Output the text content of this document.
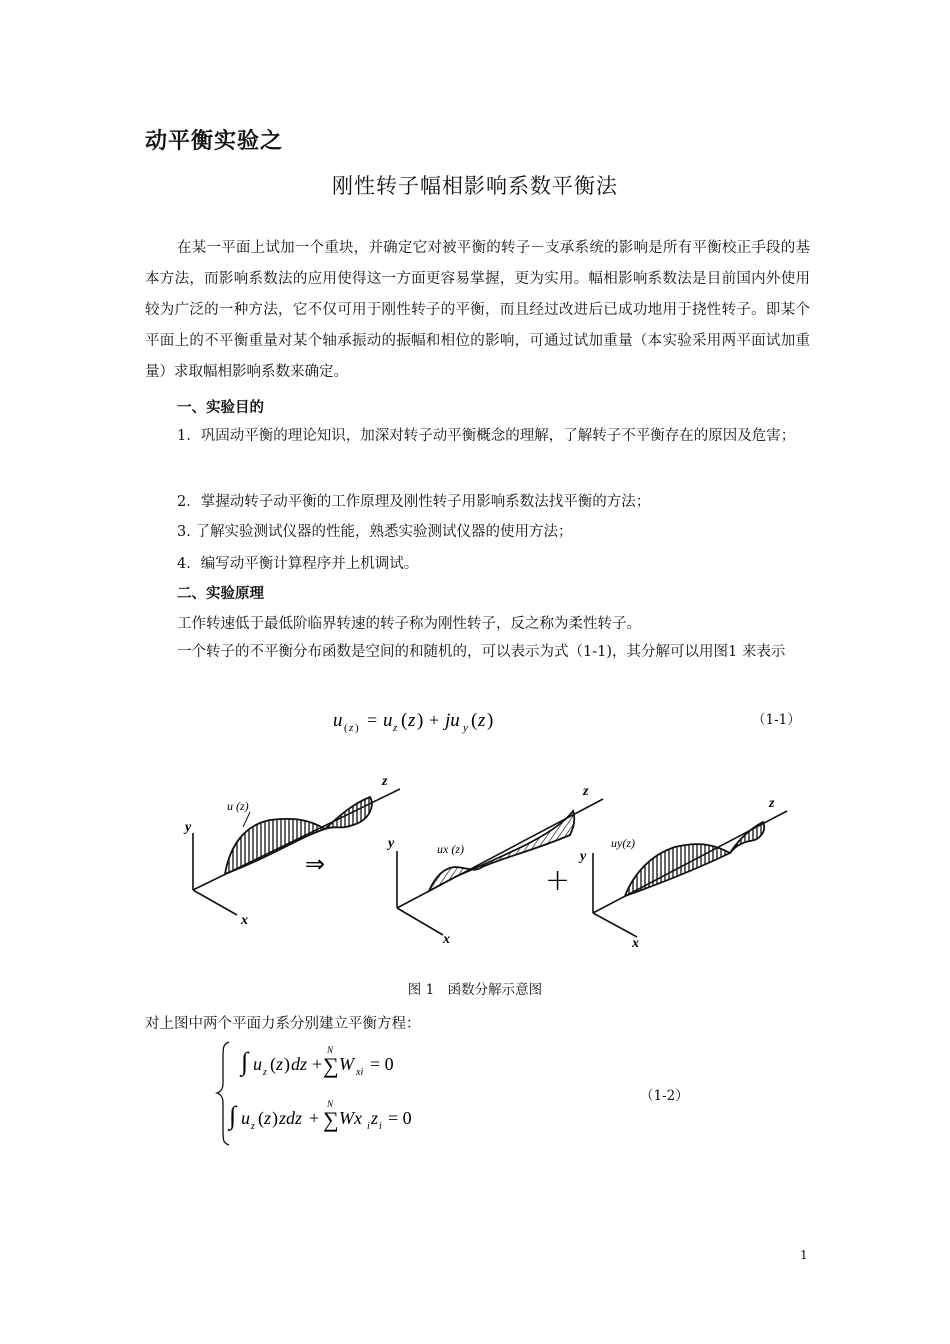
动平衡实验之
刚性转子幅相影响系数平衡法
在某一平面上试加一个重块，并确定它对被平衡的转子－支承系统的影响是所有平衡校正手段的基本方法，而影响系数法的应用使得这一方面更容易掌握，更为实用。幅相影响系数法是目前国内外使用较为广泛的一种方法，它不仅可用于刚性转子的平衡，而且经过改进后已成功地用于挠性转子。即某个平面上的不平衡重量对某个轴承振动的振幅和相位的影响，可通过试加重量（本实验采用两平面试加重量）求取幅相影响系数来确定。
一、实验目的
1．巩固动平衡的理论知识，加深对转子动平衡概念的理解，了解转子不平衡存在的原因及危害；
2．掌握动转子动平衡的工作原理及刚性转子用影响系数法找平衡的方法；
3. 了解实验测试仪器的性能，熟悉实验测试仪器的使用方法；
4．编写动平衡计算程序并上机调试。
二、实验原理
工作转速低于最低阶临界转速的转子称为刚性转子，反之称为柔性转子。
一个转子的不平衡分布函数是空间的和随机的，可以表示为式（1-1)，其分解可以用图1 来表示
u ( z ) = u z ( z ) + ju y ( z )	（1-1）
y
x
z
u (z)
⇒
y
x
z
ux (z)
+
y
x
z
uy(z)
图 1　函数分解示意图
对上图中两个平面力系分别建立平衡方程：
∫ u z ( z ) dz +
N
∑ W xi = 0
∫ u z ( z ) zdz +
N
∑ Wx i z i = 0
（1-2）
1
